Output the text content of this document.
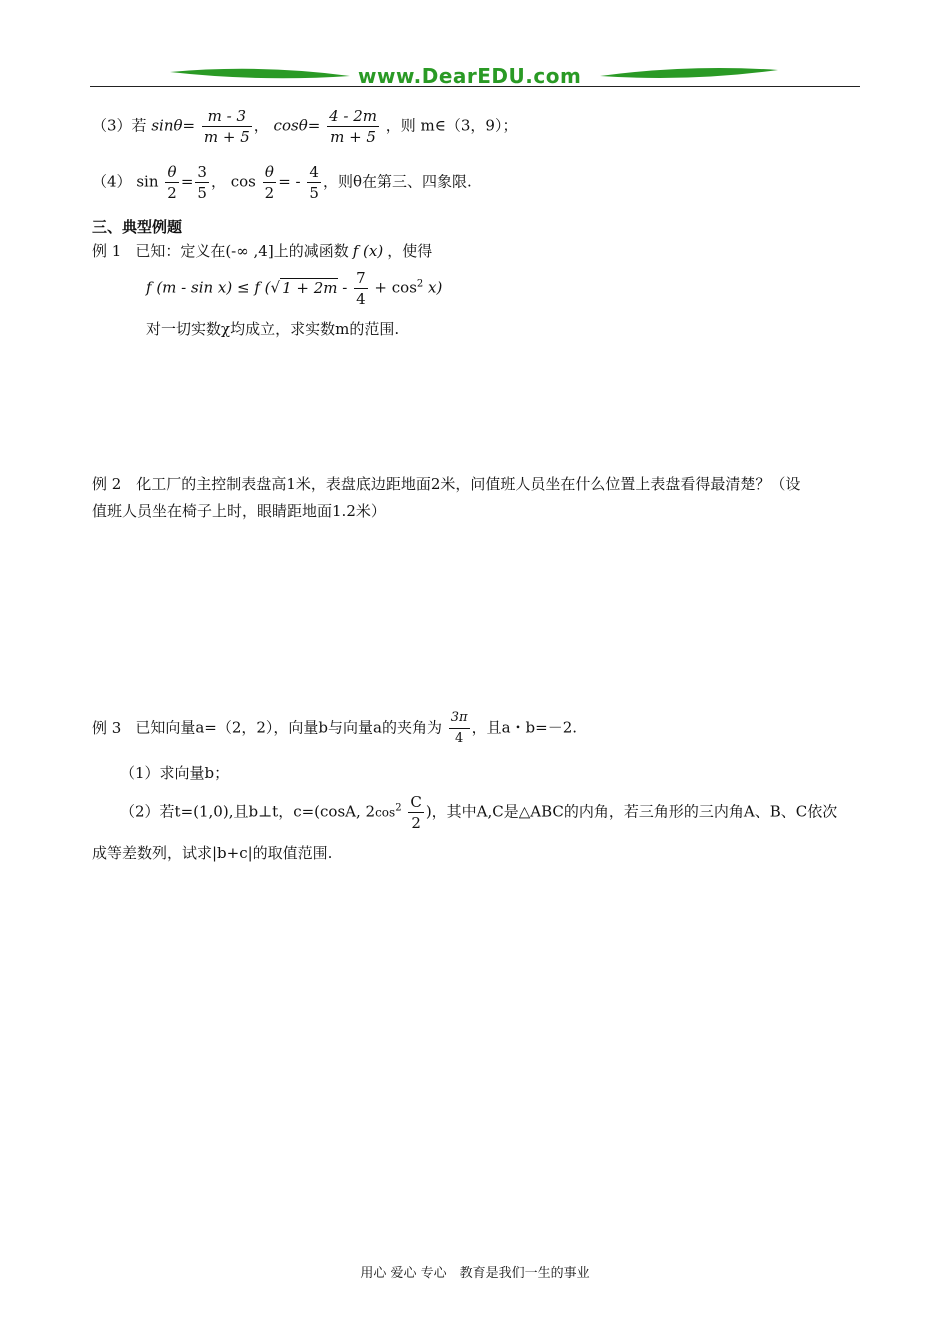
www.DearEDU.com
（3）若 $\sin\theta= \frac{m - 3}{m + 5}$ ， $\cos\theta= \frac{4 - 2m}{m + 5}$ ，则 m∈（3，9）；
（4） $\sin \frac{\theta}{2} = \frac{3}{5}$ ， $\cos \frac{\theta}{2}$ = - $\frac{4}{5}$ ，则θ在第三、四象限.
三、典型例题
例 1 已知：定义在(-∞ ,4]上的减函数 f (x) ，使得
f (m - sin x) ≤ f (√ $1 + 2m - \frac{7}{4} + \cos^2 x$)
对一切实数χ均成立，求实数m的范围.
例 2　化工厂的主控制表盘高1米，表盘底边距地面2米，问值班人员坐在什么位置上表盘看得最清楚？（设
值班人员坐在椅子上时，眼睛距地面1.2米）
例 3 已知向量a=（2，2），向量b与向量a的夹角为 $\frac{3\pi}{4}$ ，且a・b=－2.
（1）求向量b；
（2）若t=(1,0),且b⊥t，c=(cosA, $2\cos^2 \frac{C}{2}$ )，其中A,C是△ABC的内角，若三角形的三内角A、B、C依次
成等差数列，试求|b+c|的取值范围.
用心 爱心 专心　教育是我们一生的事业
